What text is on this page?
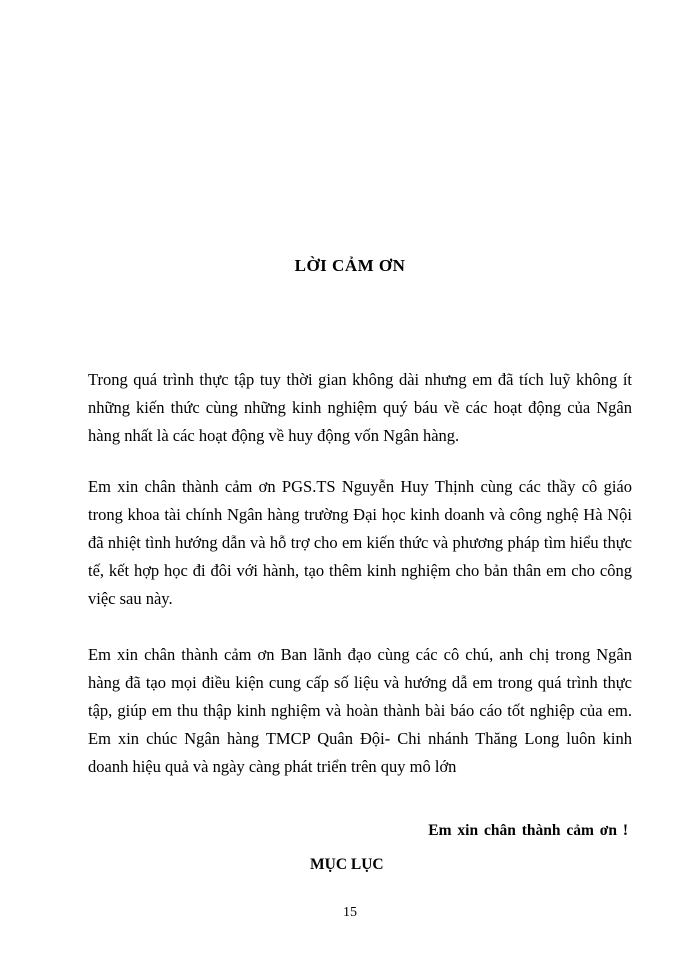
LỜI CẢM ƠN

Trong quá trình thực tập tuy thời gian không dài nhưng em đã tích luỹ không ít
những kiến thức cùng những kinh nghiệm quý báu về các hoạt động của Ngân
hàng nhất là các hoạt động về huy động vốn Ngân hàng.

Em xin chân thành cảm ơn PGS.TS Nguyễn Huy Thịnh cùng các thầy cô giáo
trong khoa tài chính Ngân hàng trường Đại học kinh doanh và công nghệ Hà Nội
đã nhiệt tình hướng dẫn và hỗ trợ cho em kiến thức và phương pháp tìm hiểu thực
tế, kết hợp học đi đôi với hành, tạo thêm kinh nghiệm cho bản thân em cho công
việc sau này.

Em xin chân thành cảm ơn Ban lãnh đạo cùng các cô chú, anh chị trong Ngân
hàng đã tạo mọi điều kiện cung cấp số liệu và hướng dẫ em trong quá trình thực
tập, giúp em thu thập kinh nghiệm và hoàn thành bài báo cáo tốt nghiệp của em.
Em xin chúc Ngân hàng TMCP Quân Đội- Chi nhánh Thăng Long luôn kinh
doanh hiệu quả và ngày càng phát triển trên quy mô lớn

Em xin chân thành cảm ơn !

MỤC LỤC

15
